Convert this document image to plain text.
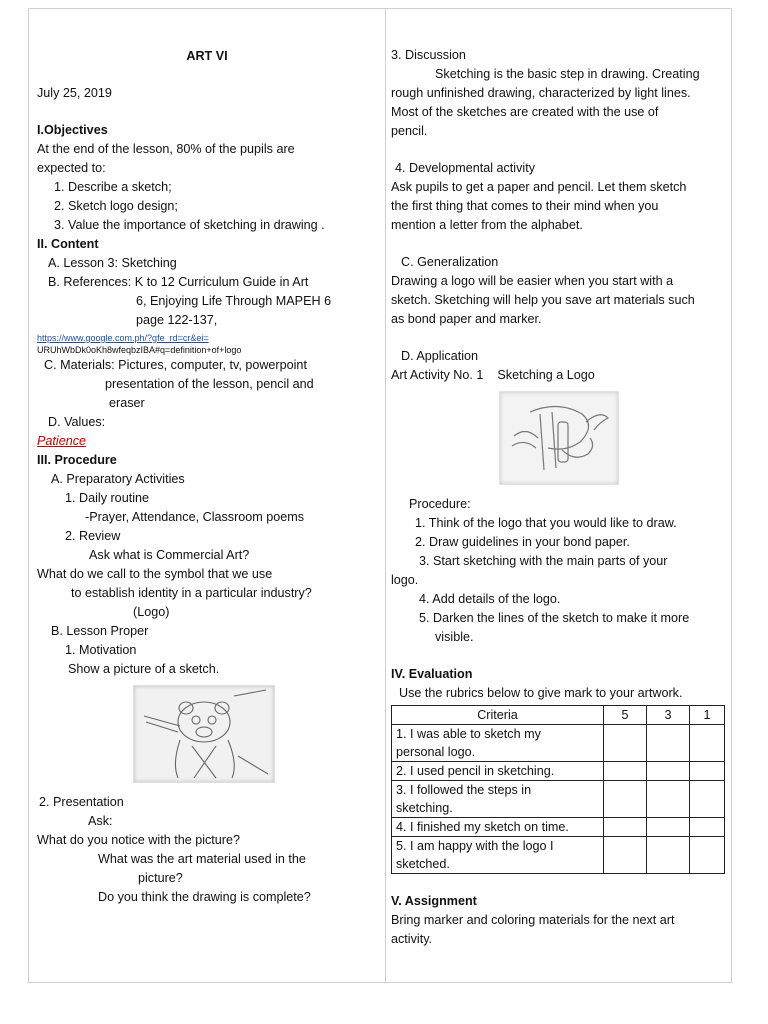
ART VI

July 25, 2019

I.Objectives

At the end of the lesson, 80% of the pupils are

expected to:

1. Describe a sketch;

2. Sketch logo design;

3. Value the importance of sketching in drawing .

II. Content

A. Lesson 3: Sketching

B. References: K to 12 Curriculum Guide in Art

6, Enjoying Life Through MAPEH 6

page 122-137,

https://www.google.com.ph/?gfe_rd=cr&ei=

URUhWbDk0oKh8wfeqbzIBA#q=definition+of+logo

C. Materials: Pictures, computer, tv, powerpoint

presentation of the lesson, pencil and

eraser

D. Values:

Patience

III. Procedure

A. Preparatory Activities

1. Daily routine

-Prayer, Attendance, Classroom poems

2. Review

Ask what is Commercial Art?

What do we call to the symbol that we use

to establish identity in a particular industry?

(Logo)

B. Lesson Proper

1. Motivation

Show a picture of a sketch.

2. Presentation

Ask:

What do you notice with the picture?

What was the art material used in the

picture?

Do you think the drawing is complete?

3. Discussion

Sketching is the basic step in drawing. Creating

rough unfinished drawing, characterized by light lines.

Most of the sketches are created with the use of

pencil.

4. Developmental activity

Ask pupils to get a paper and pencil. Let them sketch

the first thing that comes to their mind when you

mention a letter from the alphabet.

C. Generalization

Drawing a logo will be easier when you start with a

sketch. Sketching will help you save art materials such

as bond paper and marker.

D. Application

Art Activity No. 1 Sketching a Logo

Procedure:

1. Think of the logo that you would like to draw.

2. Draw guidelines in your bond paper.

3. Start sketching with the main parts of your

logo.

4. Add details of the logo.

5. Darken the lines of the sketch to make it more

visible.

IV. Evaluation

Use the rubrics below to give mark to your artwork.

Criteria	5	3	1

1. I was able to sketch my
personal logo.			

2. I used pencil in sketching.			

3. I followed the steps in
sketching.			

4. I finished my sketch on time.			

5. I am happy with the logo I
sketched.			

V. Assignment

Bring marker and coloring materials for the next art

activity.
